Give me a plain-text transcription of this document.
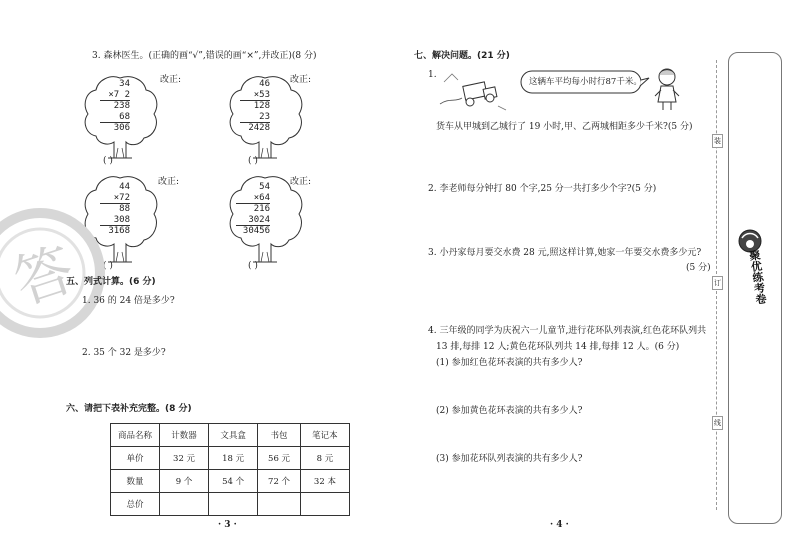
3. 森林医生。(正确的画“√”,错误的画“×”,并改正)(8 分)
34
×7 2
238
68
306
( )
改正:	46
×53
128
23
2428
( )
改正:
44
×72
88
308
3168
( )
改正:	54
×64
216
3024
30456
( )
改正:
答
五、列式计算。(6 分)
1. 36 的 24 倍是多少?
2. 35 个 32 是多少?
六、请把下表补充完整。(8 分)
商品名称	计数器	文具盒	书包	笔记本
单价	32 元	18 元	56 元	8 元
数量	9 个	54 个	72 个	32 本
总价				
· 3 ·
七、解决问题。(21 分)
1.
这辆车平均每小时行87千米。
货车从甲城到乙城行了 19 小时,甲、乙两城相距多少千米?(5 分)
2. 李老师每分钟打 80 个字,25 分一共打多少个字?(5 分)
3. 小丹家每月要交水费 28 元,照这样计算,她家一年要交水费多少元?
(5 分)
4. 三年级的同学为庆祝六一儿童节,进行花环队列表演,红色花环队列共
13 排,每排 12 人;黄色花环队列共 14 排,每排 12 人。(6 分)
(1) 参加红色花环表演的共有多少人?
(2) 参加黄色花环表演的共有多少人?
(3) 参加花环队列表演的共有多少人?
· 4 ·
装
订
线
聚优练考卷
